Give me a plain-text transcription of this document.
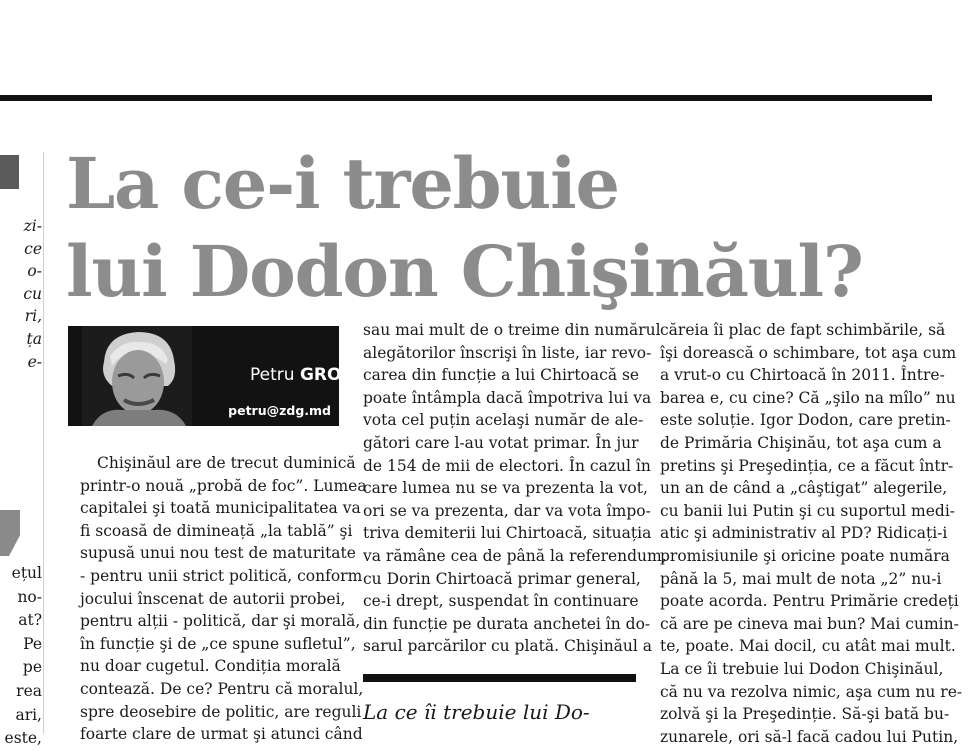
zi-
ce
o-
cu
ri,
ța
e-
ețul
no-
at?
Pe
pe
rea
ari,
este,
La ce-i trebuie
lui Dodon Chişinăul?
Petru GROZAVU
petru@zdg.md
Chişinăul are de trecut duminică
printr-o nouă „probă de foc”. Lumea
capitalei şi toată municipalitatea va
fi scoasă de dimineață „la tablă” şi
supusă unui nou test de maturitate
- pentru unii strict politică, conform
jocului înscenat de autorii probei,
pentru alții - politică, dar şi morală,
în funcție şi de „ce spune sufletul”,
nu doar cugetul. Condiția morală
contează. De ce? Pentru că moralul,
spre deosebire de politic, are reguli
foarte clare de urmat şi atunci când
sau mai mult de o treime din numărul
alegătorilor înscrişi în liste, iar revo-
carea din funcție a lui Chirtoacă se
poate întâmpla dacă împotriva lui va
vota cel puțin acelaşi număr de ale-
gători care l-au votat primar. În jur
de 154 de mii de electori. În cazul în
care lumea nu se va prezenta la vot,
ori se va prezenta, dar va vota împo-
triva demiterii lui Chirtoacă, situația
va rămâne cea de până la referendum,
cu Dorin Chirtoacă primar general,
ce-i drept, suspendat în continuare
din funcție pe durata anchetei în do-
sarul parcărilor cu plată. Chişinăul a
La ce îi trebuie lui Do-
căreia îi plac de fapt schimbările, să
îşi dorească o schimbare, tot aşa cum
a vrut-o cu Chirtoacă în 2011. Între-
barea e, cu cine? Că „şilo na mîlo” nu
este soluție. Igor Dodon, care pretin-
de Primăria Chişinău, tot aşa cum a
pretins şi Preşedinția, ce a făcut într-
un an de când a „câştigat” alegerile,
cu banii lui Putin şi cu suportul medi-
atic şi administrativ al PD? Ridicați-i
promisiunile şi oricine poate număra
până la 5, mai mult de nota „2” nu-i
poate acorda. Pentru Primărie credeți
că are pe cineva mai bun? Mai cumin-
te, poate. Mai docil, cu atât mai mult.
La ce îi trebuie lui Dodon Chişinăul,
că nu va rezolva nimic, aşa cum nu re-
zolvă şi la Preşedinție. Să-şi bată bu-
zunarele, ori să-l facă cadou lui Putin,
